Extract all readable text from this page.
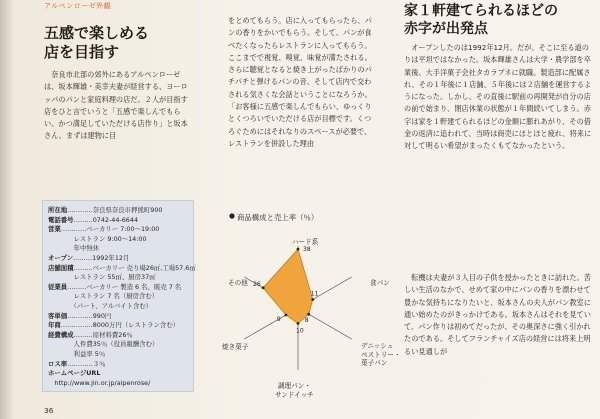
アルペンローゼ外観
五感で楽しめる
店を目指す

奈良市北部の郊外にあるアルペンローゼは、坂本輝雄・美幸夫妻が経営する、ヨーロッパのパンと家庭料理の店だ。２人が目指す店をひと言でいうと「五感で楽しんでもらい、かつ満足していただける店作り」と坂本さん。まずは建物に目

所在地…………奈良県奈良市押熊町900
電話番号………0742-44-6644
営業…………ベーカリー 7:00〜19:00
　　　　レストラン 9:00〜14:00
　　　　年中無休
オープン………1992年12月
店舗面積………ベーカリー 売り場26㎡,工場57.6㎡
　　　　レストラン 55㎡、厨房37㎡
従業員………ベーカリー 製造 6 名、販売 7 名
　　　　レストラン 7 名（厨房含む）
　　　　（パート、アルバイト含む）
客単価…………990円
年商……………8000万円（レストラン含む）
経費構成………原材料費26％
　　　　人件費35％（役員報酬含む）
　　　　利益率 5％
ロス率…………３％
ホームページURL
　http://www.jin.or.jp/alpenrose/

をとめてもらう。店に入ってもらったら、パンの香りをかいでもらう。そして、パンが食べたくなったらレストランに入ってもらう。ここまでで視覚、嗅覚、味覚が満たされる。さらに聴覚となると焼き上がったばかりのパチパチと弾けるパンの音、そして店内で交わされる気さくな会話ということになろうか。「お客様に五感で楽しんでもらい、ゆっくりとくつろいでいただける店が目標です。くつろぐためにはそれなりのスペースが必要で、レストランを併設した理由

商品構成と売上率（％）
38
11
8
10
9
26
ハード系
食パン
デニッシュ
ペストリー・
菓子パン
調理パン・
サンドイッチ
焼き菓子
その他
家１軒建てられるほどの
赤字が出発点

オープンしたのは1992年12月。だが、そこに至る道のりは平坦ではなかった。坂本輝雄さんは大学・農学部を卒業後、大手洋菓子会社タカラブネに就職。製造部に配属され、その１年後に１店舗、５年後には２店舗を運営するようになった。しかし、その直後に駅前の再開発が自分の店の前で始まり、閉店休業の状態が１年間続いてしまう。赤字は家を１軒建てられるほどの金額に膨れあがり、その借金の返済に追われて、当時は商売にほとほと疲れ、将来に対して明るい希望がまったくもてなかったという。

転機は夫妻が３人目の子供を授かったときに訪れた。苦しい生活のなかで、せめて家の中にパンの香りを漂わせて豊かな気持ちになりたいと、坂本さんの夫人がパン教室に通い始めたのがきっかけである。坂本さんはそれを見ていて、パン作りは初めてだったが、その奥深さに強く引かれたのである。そしてフランチャイズ店の経営には将来上明るい見通しが

36
